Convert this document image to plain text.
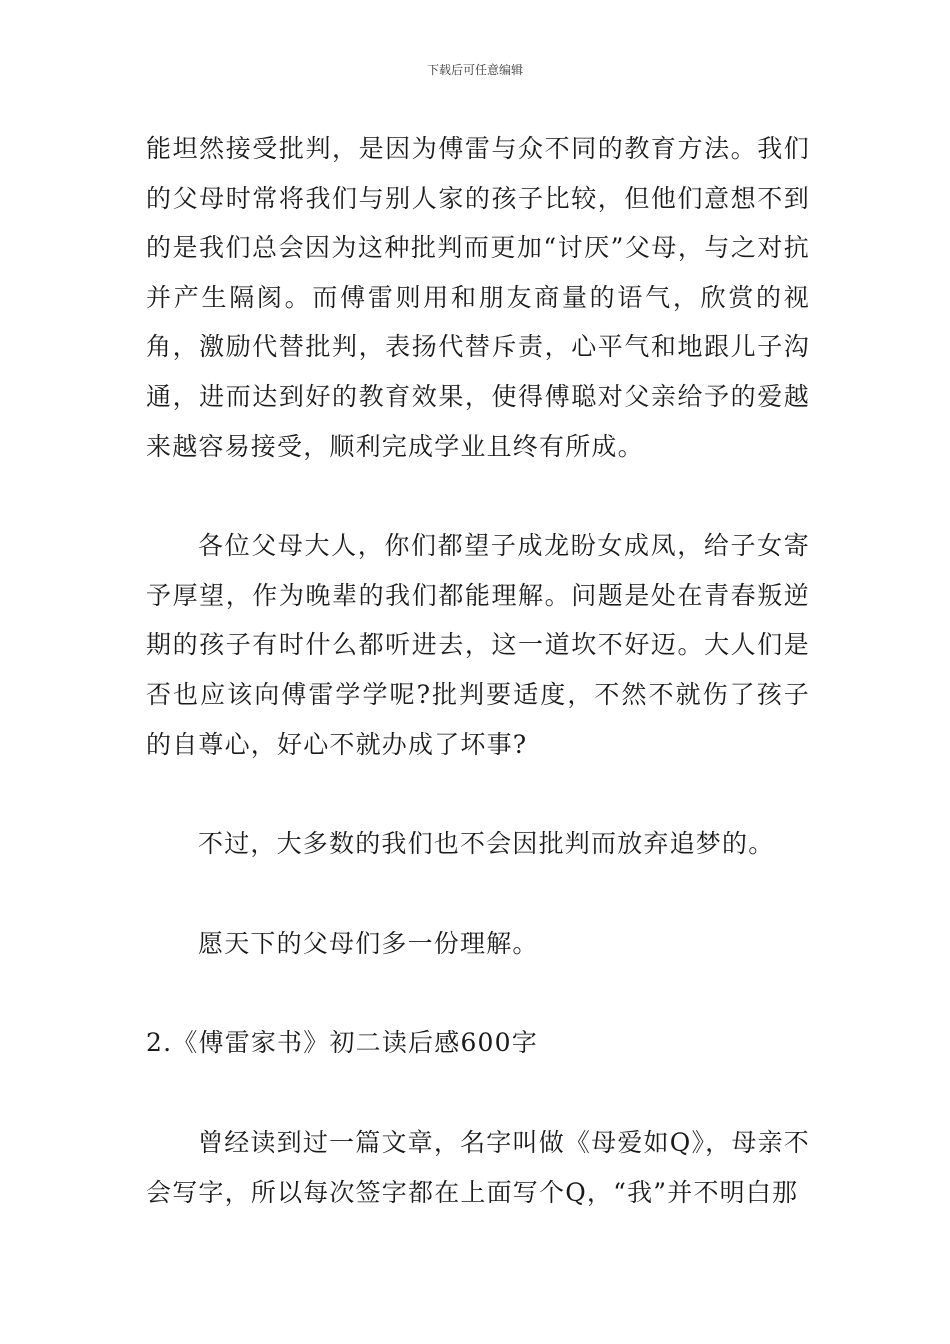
下载后可任意编辑

能坦然接受批判，是因为傅雷与众不同的教育方法。我们的父母时常将我们与别人家的孩子比较，但他们意想不到的是我们总会因为这种批判而更加“讨厌”父母，与之对抗并产生隔阂。而傅雷则用和朋友商量的语气，欣赏的视角，激励代替批判，表扬代替斥责，心平气和地跟儿子沟通，进而达到好的教育效果，使得傅聪对父亲给予的爱越来越容易接受，顺利完成学业且终有所成。

各位父母大人，你们都望子成龙盼女成凤，给子女寄予厚望，作为晚辈的我们都能理解。问题是处在青春叛逆期的孩子有时什么都听进去，这一道坎不好迈。大人们是否也应该向傅雷学学呢?批判要适度，不然不就伤了孩子的自尊心，好心不就办成了坏事?

不过，大多数的我们也不会因批判而放弃追梦的。

愿天下的父母们多一份理解。

2.《傅雷家书》初二读后感600字

曾经读到过一篇文章，名字叫做《母爱如Q》，母亲不会写字，所以每次签字都在上面写个Q，“我”并不明白那
